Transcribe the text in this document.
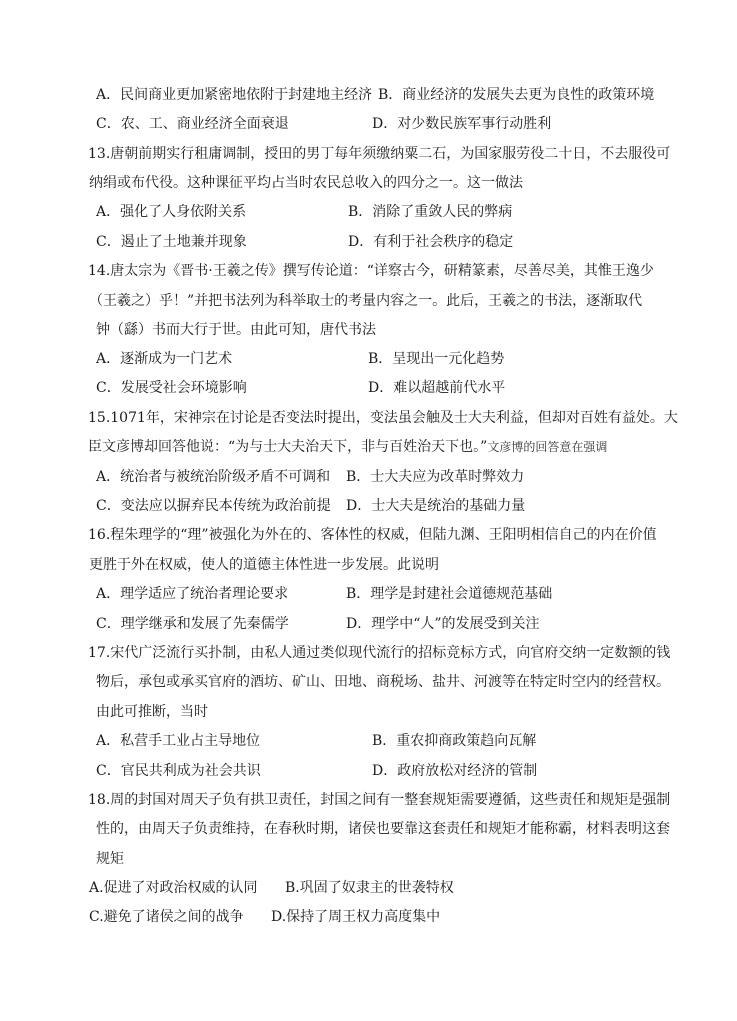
A．民间商业更加紧密地依附于封建地主经济 B．商业经济的发展失去更为良性的政策环境
C．农、工、商业经济全面衰退	D．对少数民族军事行动胜利
13.唐朝前期实行租庸调制，授田的男丁每年须缴纳粟二石，为国家服劳役二十日，不去服役可
纳绢或布代役。这种课征平均占当时农民总收入的四分之一。这一做法
A．强化了人身依附关系	B．消除了重敛人民的弊病
C．遏止了土地兼并现象	D．有利于社会秩序的稳定
14.唐太宗为《晋书·王羲之传》撰写传论道：“详察古今，研精篆素，尽善尽美，其惟王逸少
（王羲之）乎！”并把书法列为科举取士的考量内容之一。此后，王羲之的书法，逐渐取代
钟（繇）书而大行于世。由此可知，唐代书法
A．逐渐成为一门艺术	B．呈现出一元化趋势
C．发展受社会环境影响	D．难以超越前代水平
15.1071年，宋神宗在讨论是否变法时提出，变法虽会触及士大夫利益，但却对百姓有益处。大
臣文彦博却回答他说：“为与士大夫治天下，非与百姓治天下也。”文彦博的回答意在强调
A．统治者与被统治阶级矛盾不可调和 B．士大夫应为改革时弊效力
C．变法应以摒弃民本传统为政治前提 D．士大夫是统治的基础力量
16.程朱理学的“理”被强化为外在的、客体性的权威，但陆九渊、王阳明相信自己的内在价值
更胜于外在权威，使人的道德主体性进一步发展。此说明
A．理学适应了统治者理论要求	B．理学是封建社会道德规范基础
C．理学继承和发展了先秦儒学	D．理学中“人”的发展受到关注
17.宋代广泛流行买扑制，由私人通过类似现代流行的招标竞标方式，向官府交纳一定数额的钱
物后，承包或承买官府的酒坊、矿山、田地、商税场、盐井、河渡等在特定时空内的经营权。
由此可推断，当时
A．私营手工业占主导地位	B．重农抑商政策趋向瓦解
C．官民共利成为社会共识	D．政府放松对经济的管制
18.周的封国对周天子负有拱卫责任，封国之间有一整套规矩需要遵循，这些责任和规矩是强制
性的，由周天子负责维持，在春秋时期，诸侯也要靠这套责任和规矩才能称霸，材料表明这套
规矩
A.促进了对政治权威的认同 B.巩固了奴隶主的世袭特权
C.避免了诸侯之间的战争 D.保持了周王权力高度集中
